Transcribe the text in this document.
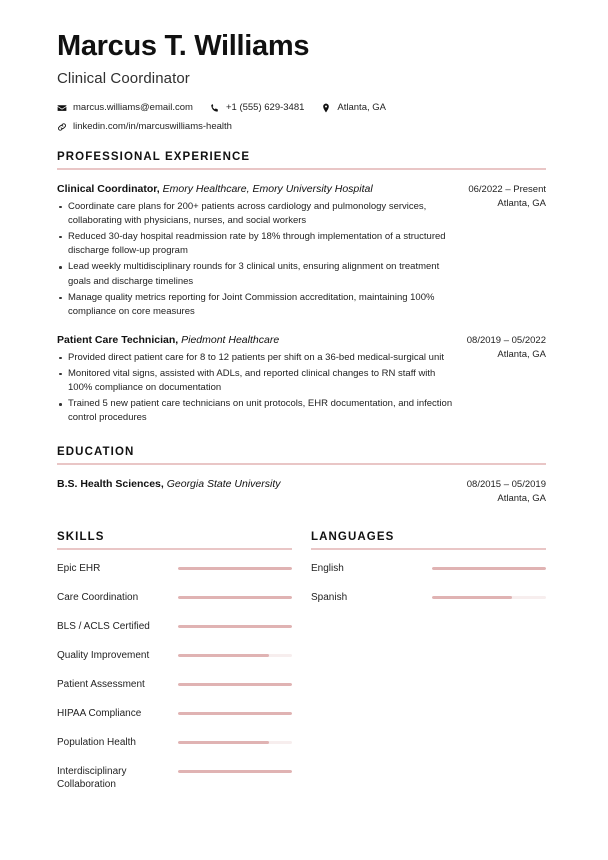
Marcus T. Williams
Clinical Coordinator
marcus.williams@email.com	+1 (555) 629-3481	Atlanta, GA
linkedin.com/in/marcuswilliams-health
PROFESSIONAL EXPERIENCE
Clinical Coordinator, Emory Healthcare, Emory University Hospital
Coordinate care plans for 200+ patients across cardiology and pulmonology services, collaborating with physicians, nurses, and social workers
Reduced 30-day hospital readmission rate by 18% through implementation of a structured discharge follow-up program
Lead weekly multidisciplinary rounds for 3 clinical units, ensuring alignment on treatment goals and discharge timelines
Manage quality metrics reporting for Joint Commission accreditation, maintaining 100% compliance on core measures
06/2022 – Present
Atlanta, GA
Patient Care Technician, Piedmont Healthcare
Provided direct patient care for 8 to 12 patients per shift on a 36-bed medical-surgical unit
Monitored vital signs, assisted with ADLs, and reported clinical changes to RN staff with 100% compliance on documentation
Trained 5 new patient care technicians on unit protocols, EHR documentation, and infection control procedures
08/2019 – 05/2022
Atlanta, GA
EDUCATION
B.S. Health Sciences, Georgia State University	08/2015 – 05/2019
Atlanta, GA
SKILLS
Epic EHR
Care Coordination
BLS / ACLS Certified
Quality Improvement
Patient Assessment
HIPAA Compliance
Population Health
Interdisciplinary Collaboration
LANGUAGES
English
Spanish
